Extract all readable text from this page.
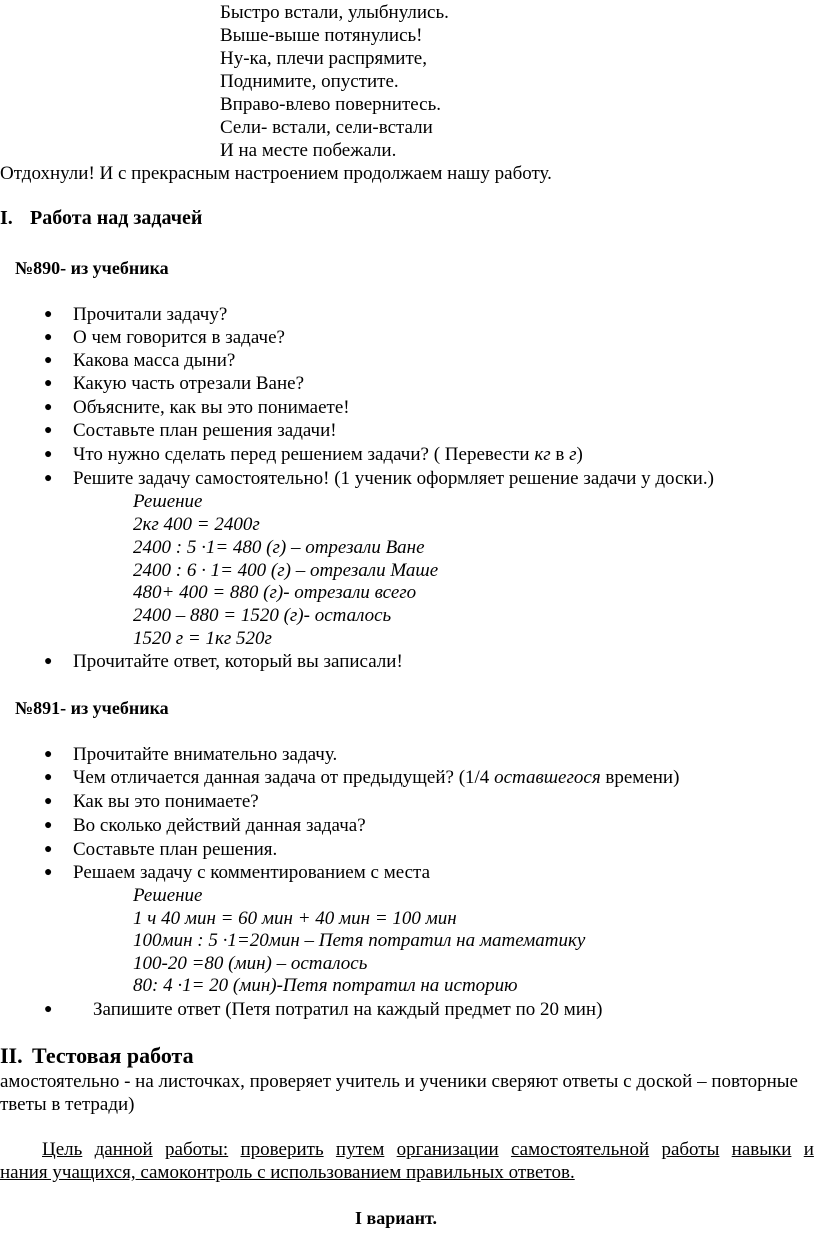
Быстро встали, улыбнулись.
Выше-выше потянулись!
Ну-ка, плечи распрямите,
Поднимите, опустите.
Вправо-влево повернитесь.
Сели- встали, сели-встали
И на месте побежали.
Отдохнули! И с прекрасным настроением продолжаем нашу работу.
I. Работа над задачей
№890- из учебника
● Прочитали задачу?
● О чем говорится в задаче?
● Какова масса дыни?
● Какую часть отрезали Ване?
● Объясните, как вы это понимаете!
● Составьте план решения задачи!
● Что нужно сделать перед решением задачи? ( Перевести кг в г)
● Решите задачу самостоятельно! (1 ученик оформляет решение задачи у доски.)
Решение
2кг 400 = 2400г
2400 : 5 ·1= 480 (г) – отрезали Ване
2400 : 6 · 1= 400 (г) – отрезали Маше
480+ 400 = 880 (г)- отрезали всего
2400 – 880 = 1520 (г)- осталось
1520 г = 1кг 520г
● Прочитайте ответ, который вы записали!
№891- из учебника
● Прочитайте внимательно задачу.
● Чем отличается данная задача от предыдущей? (1/4 оставшегося времени)
● Как вы это понимаете?
● Во сколько действий данная задача?
● Составьте план решения.
● Решаем задачу с комментированием с места
Решение
1 ч 40 мин = 60 мин + 40 мин = 100 мин
100мин : 5 ·1=20мин – Петя потратил на математику
100-20 =80 (мин) – осталось
80: 4 ·1= 20 (мин)-Петя потратил на историю
● Запишите ответ (Петя потратил на каждый предмет по 20 мин)
II. Тестовая работа
амостоятельно - на листочках, проверяет учитель и ученики сверяют ответы с доской – повторные
тветы в тетради)
Цель данной работы: проверить путем организации самостоятельной работы навыки и
нания учащихся, самоконтроль с использованием правильных ответов.
I вариант.
